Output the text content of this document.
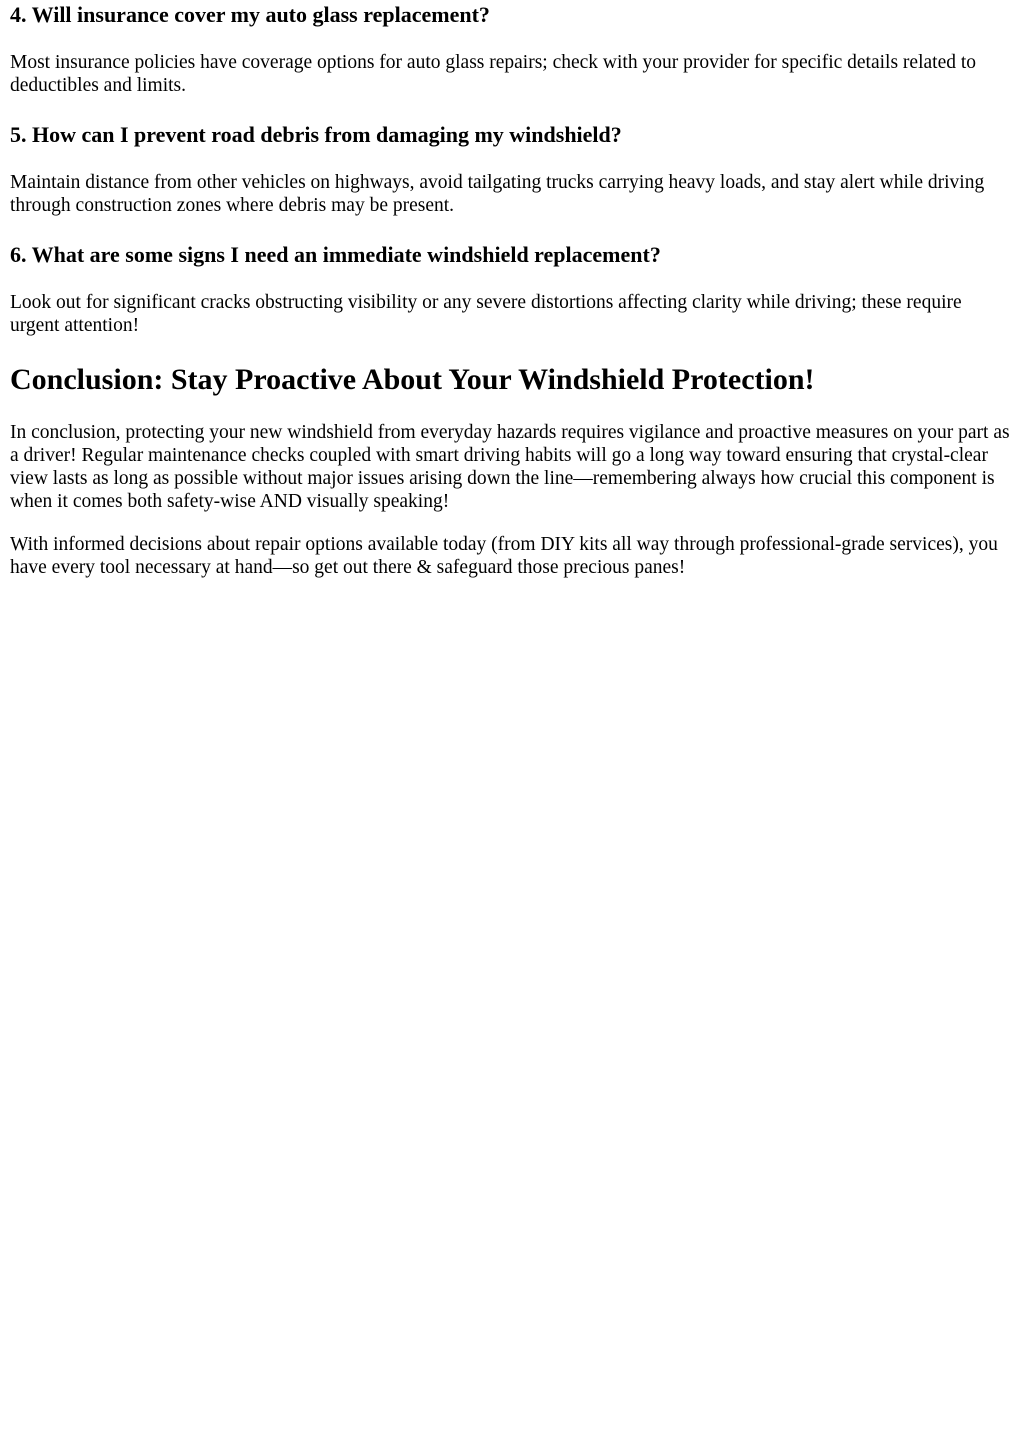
4. Will insurance cover my auto glass replacement?

Most insurance policies have coverage options for auto glass repairs; check with your provider for specific details related to deductibles and limits.

5. How can I prevent road debris from damaging my windshield?

Maintain distance from other vehicles on highways, avoid tailgating trucks carrying heavy loads, and stay alert while driving through construction zones where debris may be present.

6. What are some signs I need an immediate windshield replacement?

Look out for significant cracks obstructing visibility or any severe distortions affecting clarity while driving; these require urgent attention!

Conclusion: Stay Proactive About Your Windshield Protection!

In conclusion, protecting your new windshield from everyday hazards requires vigilance and proactive measures on your part as a driver! Regular maintenance checks coupled with smart driving habits will go a long way toward ensuring that crystal-clear view lasts as long as possible without major issues arising down the line—remembering always how crucial this component is when it comes both safety-wise AND visually speaking!

With informed decisions about repair options available today (from DIY kits all way through professional-grade services), you have every tool necessary at hand—so get out there & safeguard those precious panes!
